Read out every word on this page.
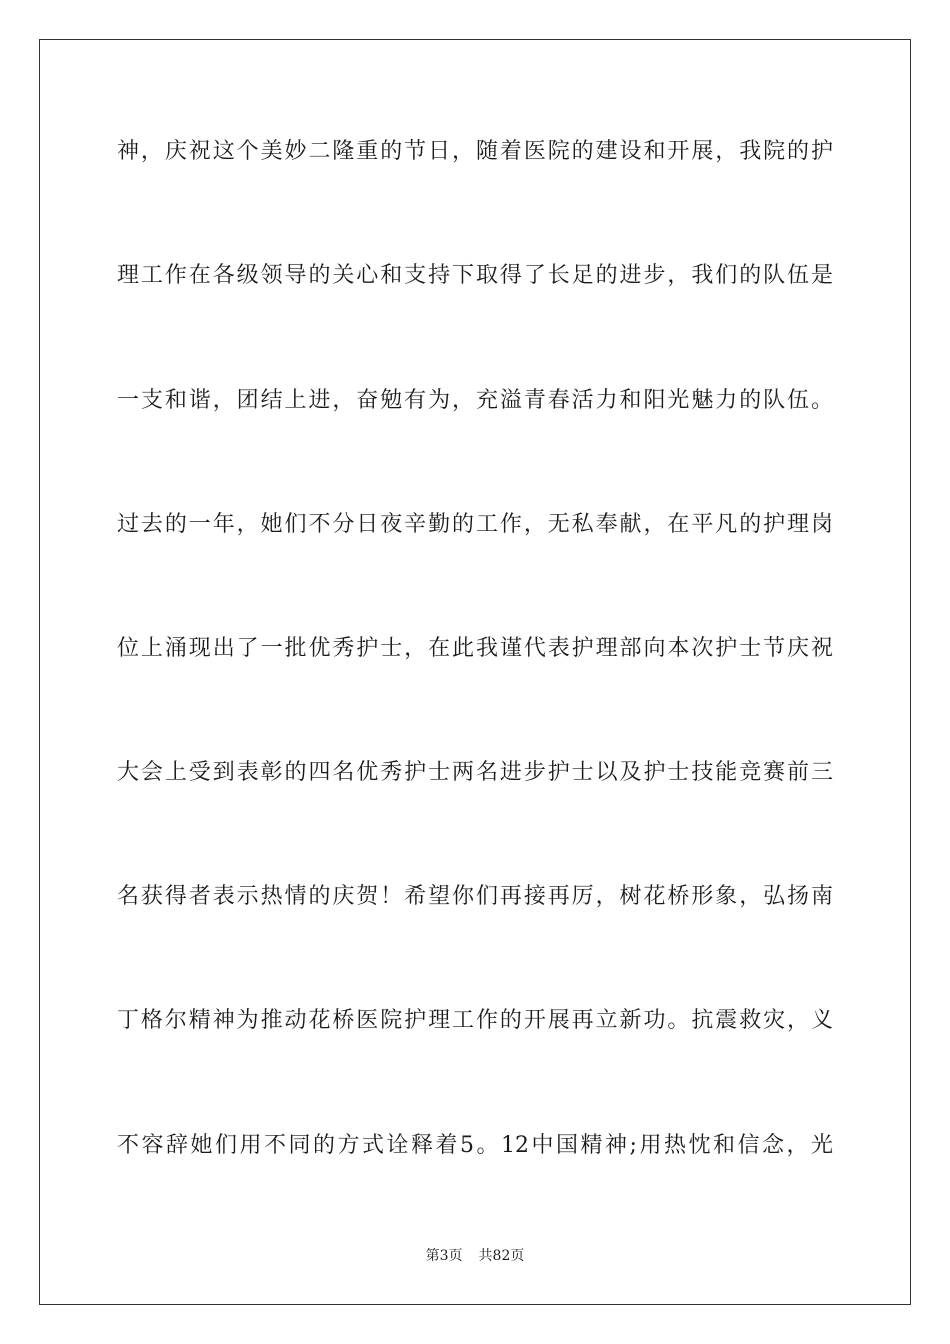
神，庆祝这个美妙二隆重的节日，随着医院的建设和开展，我院的护
理工作在各级领导的关心和支持下取得了长足的进步，我们的队伍是
一支和谐，团结上进，奋勉有为，充溢青春活力和阳光魅力的队伍。
过去的一年，她们不分日夜辛勤的工作，无私奉献，在平凡的护理岗
位上涌现出了一批优秀护士，在此我谨代表护理部向本次护士节庆祝
大会上受到表彰的四名优秀护士两名进步护士以及护士技能竞赛前三
名获得者表示热情的庆贺！希望你们再接再厉，树花桥形象，弘扬南
丁格尔精神为推动花桥医院护理工作的开展再立新功。抗震救灾，义
不容辞她们用不同的方式诠释着5。12中国精神;用热忱和信念，光
第3页 共82页
